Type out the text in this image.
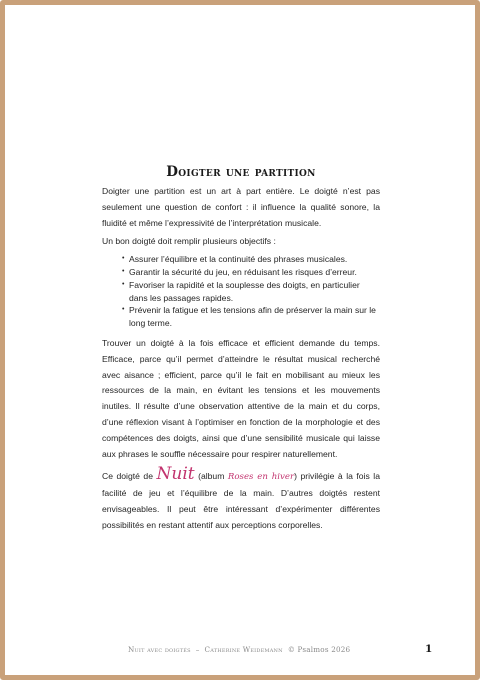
Doigter une partition

Doigter une partition est un art à part entière. Le doigté n’est pas seulement une question de confort : il influence la qualité sonore, la fluidité et même l’expressivité de l’interprétation musicale.

Un bon doigté doit remplir plusieurs objectifs :

• Assurer l’équilibre et la continuité des phrases musicales.
• Garantir la sécurité du jeu, en réduisant les risques d’erreur.
• Favoriser la rapidité et la souplesse des doigts, en particulier dans les passages rapides.
• Prévenir la fatigue et les tensions afin de préserver la main sur le long terme.

Trouver un doigté à la fois efficace et efficient demande du temps. Efficace, parce qu’il permet d’atteindre le résultat musical recherché avec aisance ; efficient, parce qu’il le fait en mobilisant au mieux les ressources de la main, en évitant les tensions et les mouvements inutiles. Il résulte d’une observation attentive de la main et du corps, d’une réflexion visant à l’optimiser en fonction de la morphologie et des compétences des doigts, ainsi que d’une sensibilité musicale qui laisse aux phrases le souffle nécessaire pour respirer naturellement.

Ce doigté de Nuit (album Roses en hiver) privilégie à la fois la facilité de jeu et l’équilibre de la main. D’autres doigtés restent envisageables. Il peut être intéressant d’expérimenter différentes possibilités en restant attentif aux perceptions corporelles.

Nuit avec doigtés – Catherine Weidemann © Psalmos 2026	1
